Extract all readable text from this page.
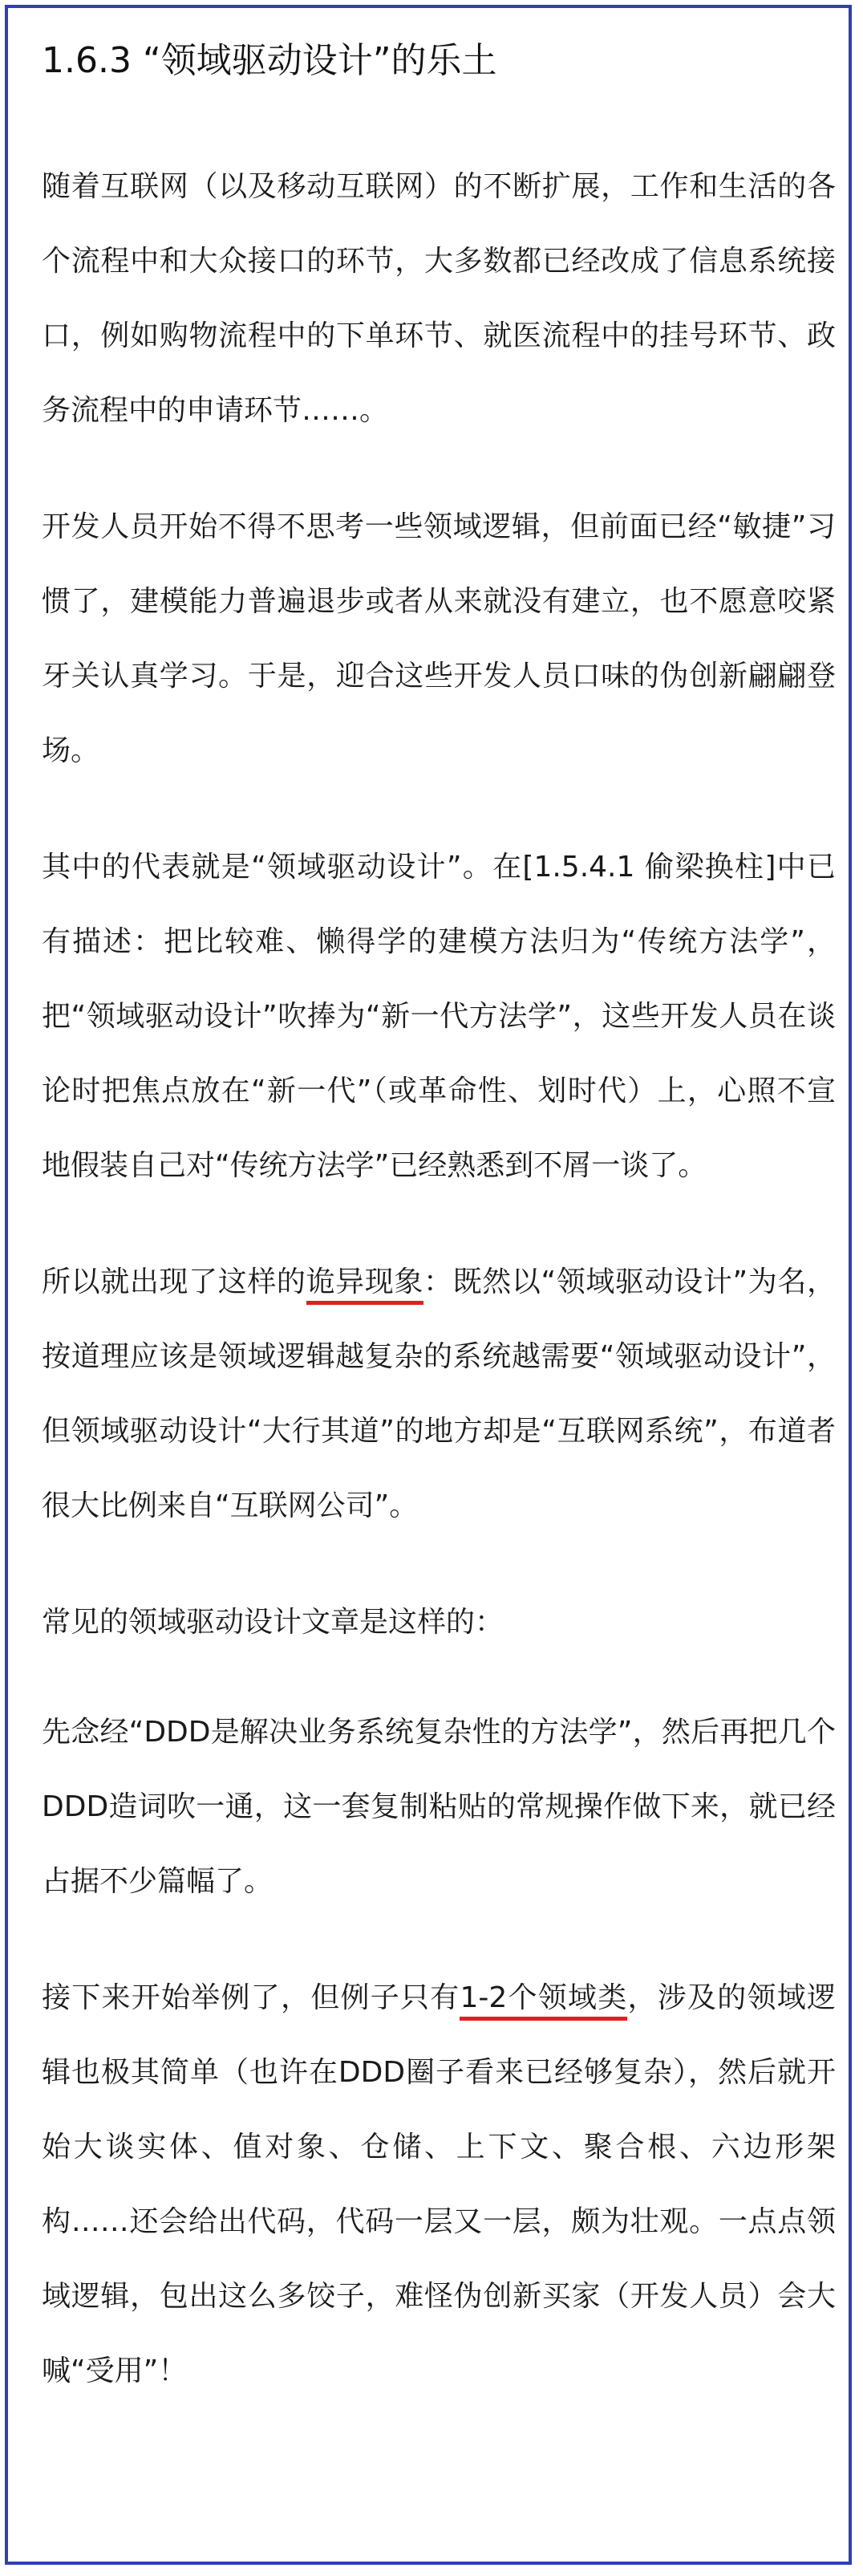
1.6.3 “领域驱动设计”的乐土

随着互联网（以及移动互联网）的不断扩展，工作和生活的各个流程中和大众接口的环节，大多数都已经改成了信息系统接口，例如购物流程中的下单环节、就医流程中的挂号环节、政务流程中的申请环节……。

开发人员开始不得不思考一些领域逻辑，但前面已经“敏捷”习惯了，建模能力普遍退步或者从来就没有建立，也不愿意咬紧牙关认真学习。于是，迎合这些开发人员口味的伪创新翩翩登场。

其中的代表就是“领域驱动设计”。在[1.5.4.1 偷梁换柱]中已有描述：把比较难、懒得学的建模方法归为“传统方法学”，把“领域驱动设计”吹捧为“新一代方法学”，这些开发人员在谈论时把焦点放在“新一代”（或革命性、划时代）上，心照不宣地假装自己对“传统方法学”已经熟悉到不屑一谈了。

所以就出现了这样的诡异现象：既然以“领域驱动设计”为名，按道理应该是领域逻辑越复杂的系统越需要“领域驱动设计”，但领域驱动设计“大行其道”的地方却是“互联网系统”，布道者很大比例来自“互联网公司”。

常见的领域驱动设计文章是这样的：

先念经“DDD是解决业务系统复杂性的方法学”，然后再把几个DDD造词吹一通，这一套复制粘贴的常规操作做下来，就已经占据不少篇幅了。

接下来开始举例了，但例子只有1-2个领域类，涉及的领域逻辑也极其简单（也许在DDD圈子看来已经够复杂），然后就开始大谈实体、值对象、仓储、上下文、聚合根、六边形架构……还会给出代码，代码一层又一层，颇为壮观。一点点领域逻辑，包出这么多饺子，难怪伪创新买家（开发人员）会大喊“受用”！
